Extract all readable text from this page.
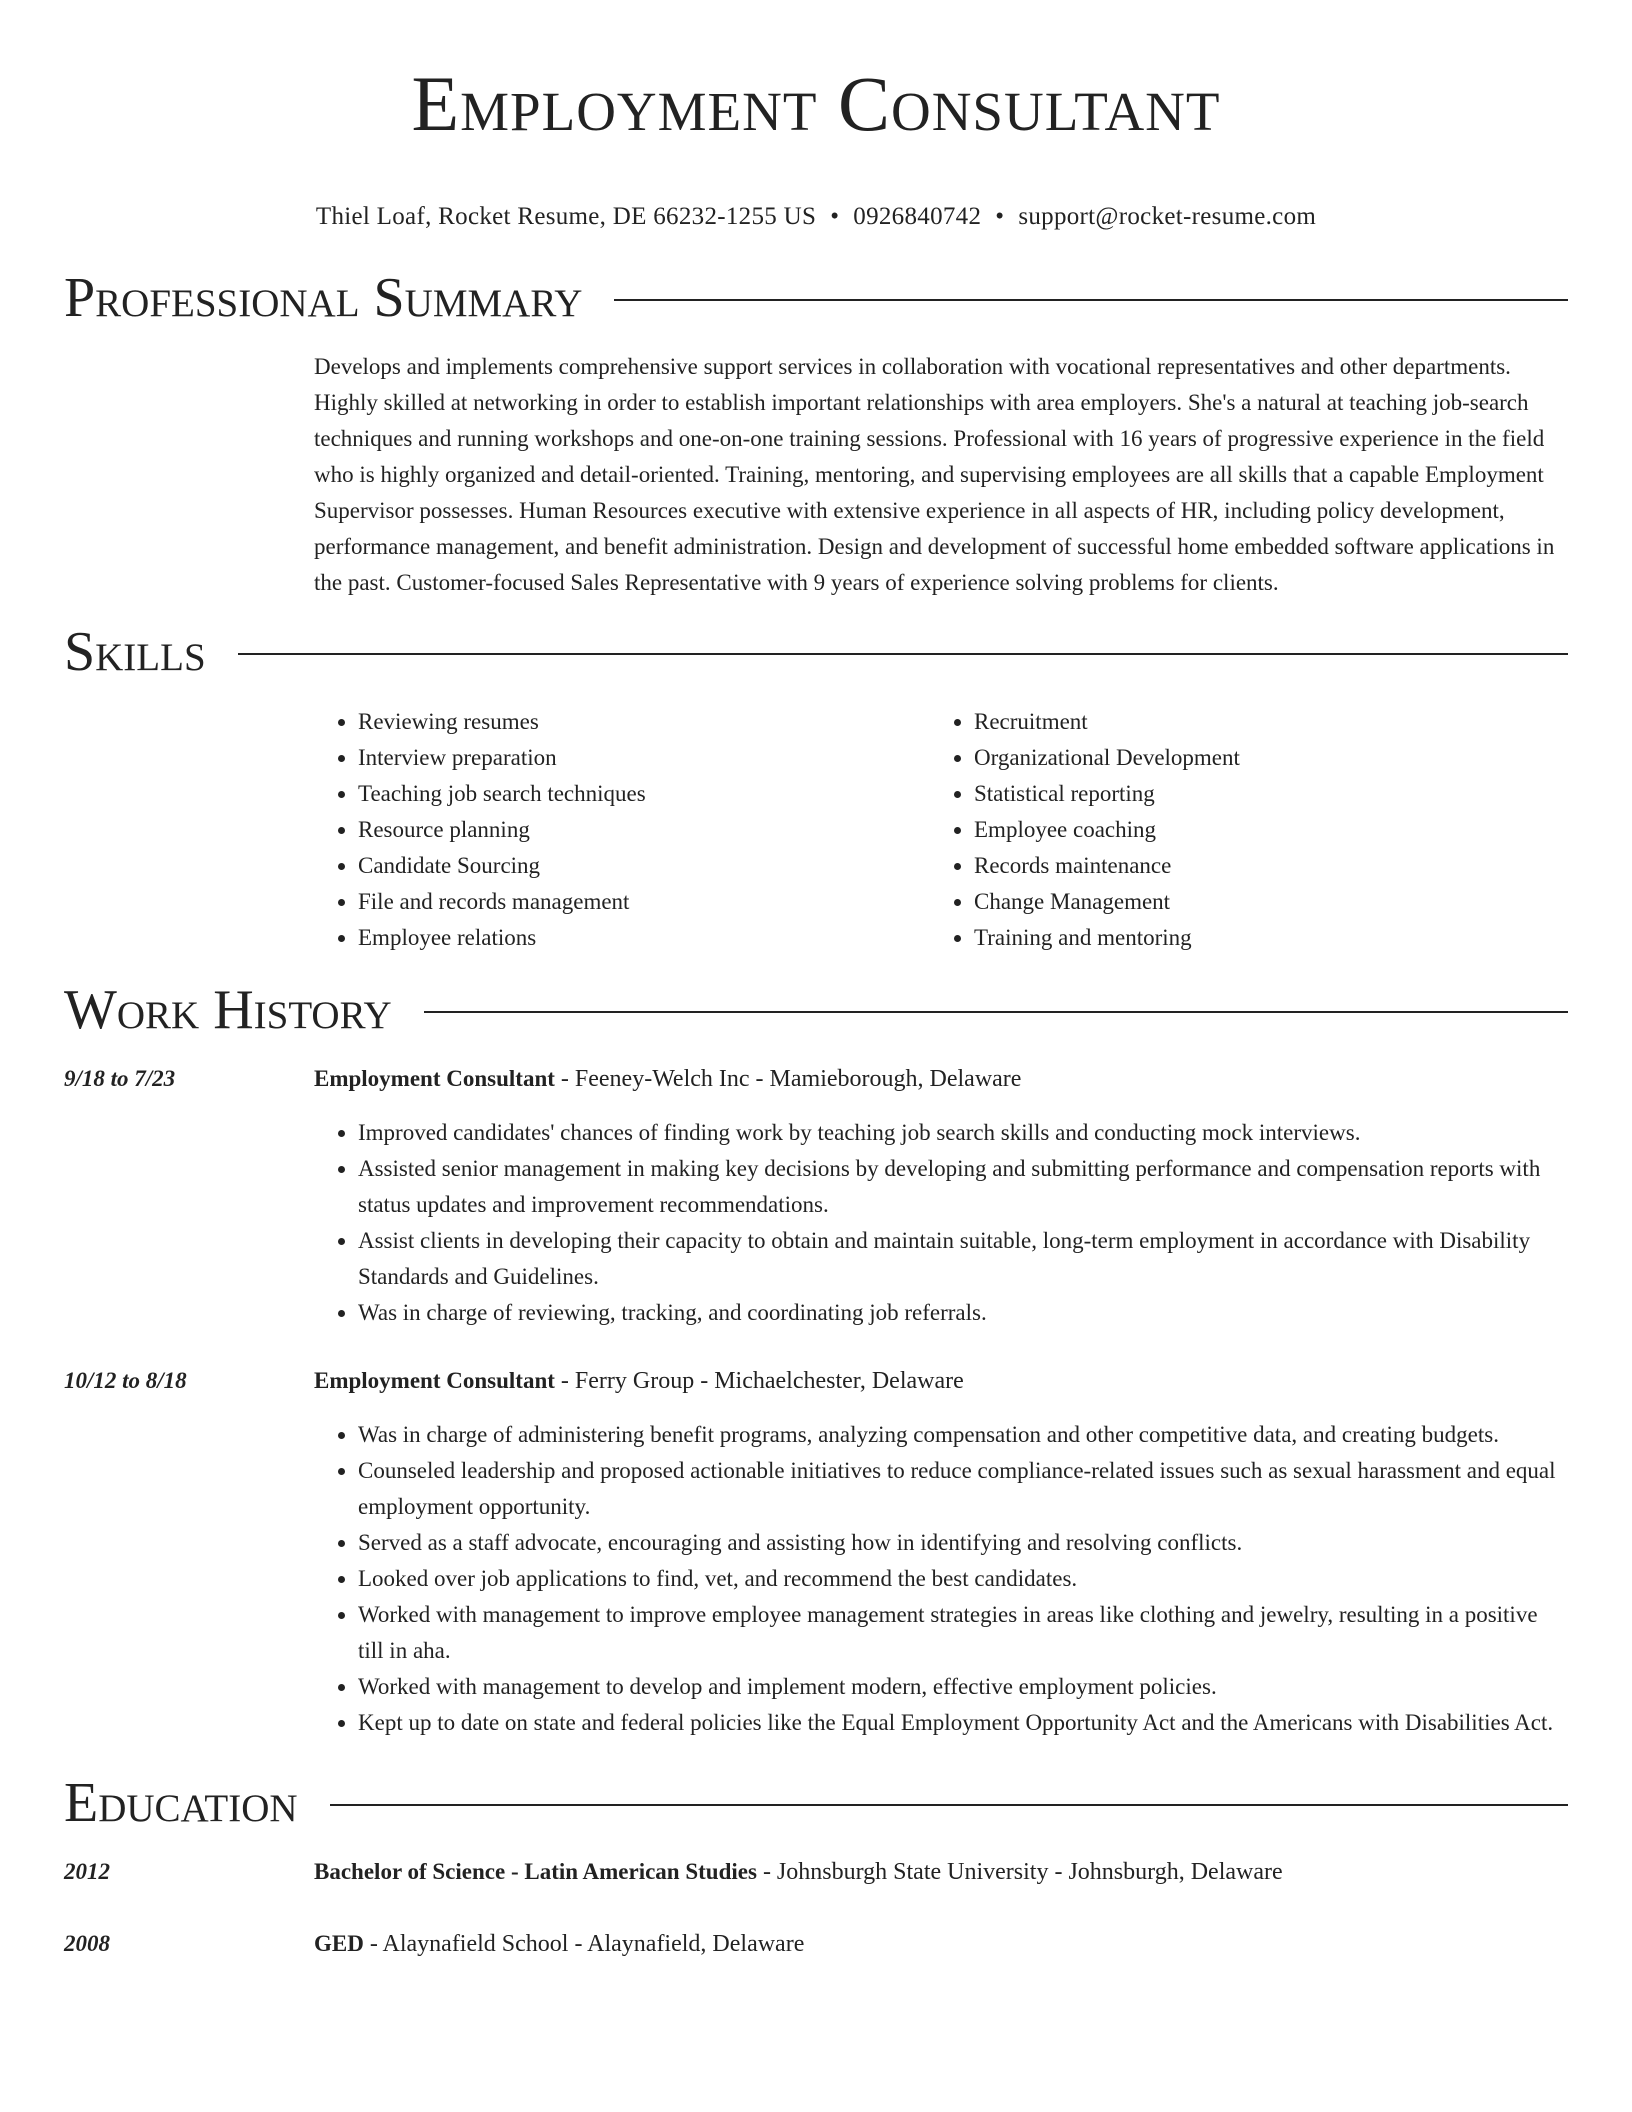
Employment Consultant
Thiel Loaf, Rocket Resume, DE 66232-1255 US • 0926840742 • support@rocket-resume.com
Professional Summary
Develops and implements comprehensive support services in collaboration with vocational representatives and other departments. Highly skilled at networking in order to establish important relationships with area employers. She's a natural at teaching job-search techniques and running workshops and one-on-one training sessions. Professional with 16 years of progressive experience in the field who is highly organized and detail-oriented. Training, mentoring, and supervising employees are all skills that a capable Employment Supervisor possesses. Human Resources executive with extensive experience in all aspects of HR, including policy development, performance management, and benefit administration. Design and development of successful home embedded software applications in the past. Customer-focused Sales Representative with 9 years of experience solving problems for clients.
Skills
• Reviewing resumes
• Interview preparation
• Teaching job search techniques
• Resource planning
• Candidate Sourcing
• File and records management
• Employee relations
• Recruitment
• Organizational Development
• Statistical reporting
• Employee coaching
• Records maintenance
• Change Management
• Training and mentoring
Work History
9/18 to 7/23	Employment Consultant - Feeney-Welch Inc - Mamieborough, Delaware
• Improved candidates' chances of finding work by teaching job search skills and conducting mock interviews.
• Assisted senior management in making key decisions by developing and submitting performance and compensation reports with status updates and improvement recommendations.
• Assist clients in developing their capacity to obtain and maintain suitable, long-term employment in accordance with Disability Standards and Guidelines.
• Was in charge of reviewing, tracking, and coordinating job referrals.
10/12 to 8/18	Employment Consultant - Ferry Group - Michaelchester, Delaware
• Was in charge of administering benefit programs, analyzing compensation and other competitive data, and creating budgets.
• Counseled leadership and proposed actionable initiatives to reduce compliance-related issues such as sexual harassment and equal employment opportunity.
• Served as a staff advocate, encouraging and assisting how in identifying and resolving conflicts.
• Looked over job applications to find, vet, and recommend the best candidates.
• Worked with management to improve employee management strategies in areas like clothing and jewelry, resulting in a positive till in aha.
• Worked with management to develop and implement modern, effective employment policies.
• Kept up to date on state and federal policies like the Equal Employment Opportunity Act and the Americans with Disabilities Act.
Education
2012	Bachelor of Science - Latin American Studies - Johnsburgh State University - Johnsburgh, Delaware
2008	GED - Alaynafield School - Alaynafield, Delaware
